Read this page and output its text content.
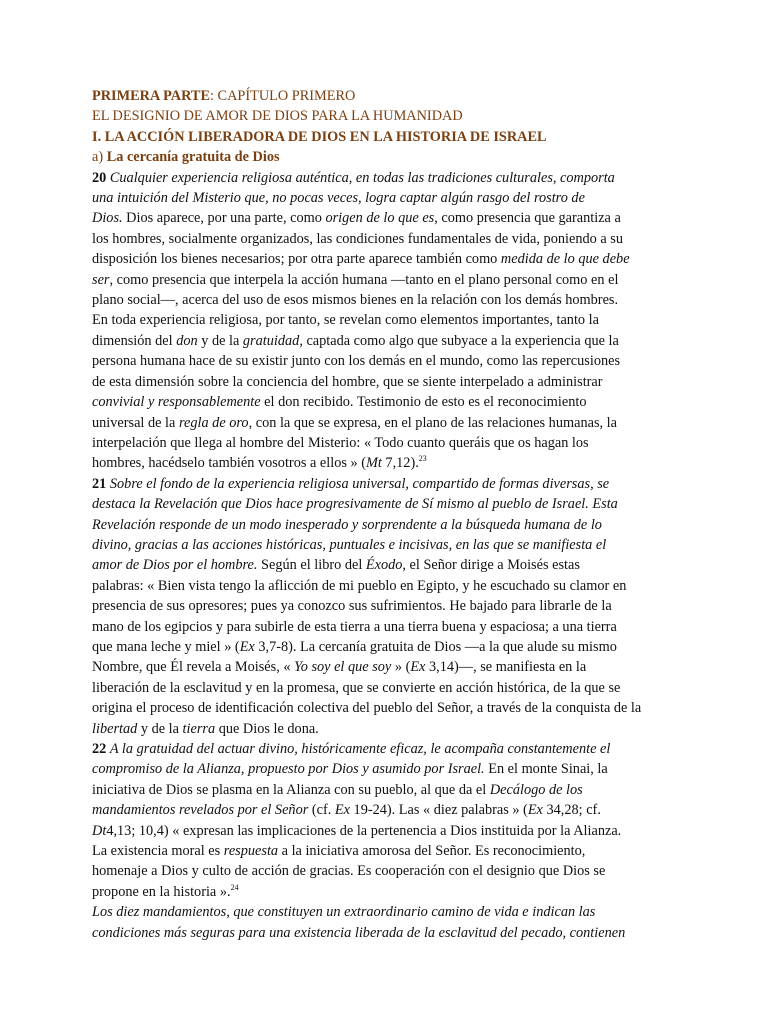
PRIMERA PARTE: CAPÍTULO PRIMERO
EL DESIGNIO DE AMOR DE DIOS PARA LA HUMANIDAD
I. LA ACCIÓN LIBERADORA DE DIOS EN LA HISTORIA DE ISRAEL
a) La cercanía gratuita de Dios
20 Cualquier experiencia religiosa auténtica, en todas las tradiciones culturales, comporta
una intuición del Misterio que, no pocas veces, logra captar algún rasgo del rostro de
Dios. Dios aparece, por una parte, como origen de lo que es, como presencia que garantiza a
los hombres, socialmente organizados, las condiciones fundamentales de vida, poniendo a su
disposición los bienes necesarios; por otra parte aparece también como medida de lo que debe
ser, como presencia que interpela la acción humana —tanto en el plano personal como en el
plano social—, acerca del uso de esos mismos bienes en la relación con los demás hombres.
En toda experiencia religiosa, por tanto, se revelan como elementos importantes, tanto la
dimensión del don y de la gratuidad, captada como algo que subyace a la experiencia que la
persona humana hace de su existir junto con los demás en el mundo, como las repercusiones
de esta dimensión sobre la conciencia del hombre, que se siente interpelado a administrar
convivial y responsablemente el don recibido. Testimonio de esto es el reconocimiento
universal de la regla de oro, con la que se expresa, en el plano de las relaciones humanas, la
interpelación que llega al hombre del Misterio: « Todo cuanto queráis que os hagan los
hombres, hacédselo también vosotros a ellos » (Mt 7,12).$^{23}$
21 Sobre el fondo de la experiencia religiosa universal, compartido de formas diversas, se
destaca la Revelación que Dios hace progresivamente de Sí mismo al pueblo de Israel. Esta
Revelación responde de un modo inesperado y sorprendente a la búsqueda humana de lo
divino, gracias a las acciones históricas, puntuales e incisivas, en las que se manifiesta el
amor de Dios por el hombre. Según el libro del Éxodo, el Señor dirige a Moisés estas
palabras: « Bien vista tengo la aflicción de mi pueblo en Egipto, y he escuchado su clamor en
presencia de sus opresores; pues ya conozco sus sufrimientos. He bajado para librarle de la
mano de los egipcios y para subirle de esta tierra a una tierra buena y espaciosa; a una tierra
que mana leche y miel » (Ex 3,7-8). La cercanía gratuita de Dios —a la que alude su mismo
Nombre, que Él revela a Moisés, « Yo soy el que soy » (Ex 3,14)—, se manifiesta en la
liberación de la esclavitud y en la promesa, que se convierte en acción histórica, de la que se
origina el proceso de identificación colectiva del pueblo del Señor, a través de la conquista de la
libertad y de la tierra que Dios le dona.
22 A la gratuidad del actuar divino, históricamente eficaz, le acompaña constantemente el
compromiso de la Alianza, propuesto por Dios y asumido por Israel. En el monte Sinai, la
iniciativa de Dios se plasma en la Alianza con su pueblo, al que da el Decálogo de los
mandamientos revelados por el Señor (cf. Ex 19-24). Las « diez palabras » (Ex 34,28; cf.
Dt4,13; 10,4) « expresan las implicaciones de la pertenencia a Dios instituida por la Alianza.
La existencia moral es respuesta a la iniciativa amorosa del Señor. Es reconocimiento,
homenaje a Dios y culto de acción de gracias. Es cooperación con el designio que Dios se
propone en la historia ».$^{24}$
Los diez mandamientos, que constituyen un extraordinario camino de vida e indican las
condiciones más seguras para una existencia liberada de la esclavitud del pecado, contienen
